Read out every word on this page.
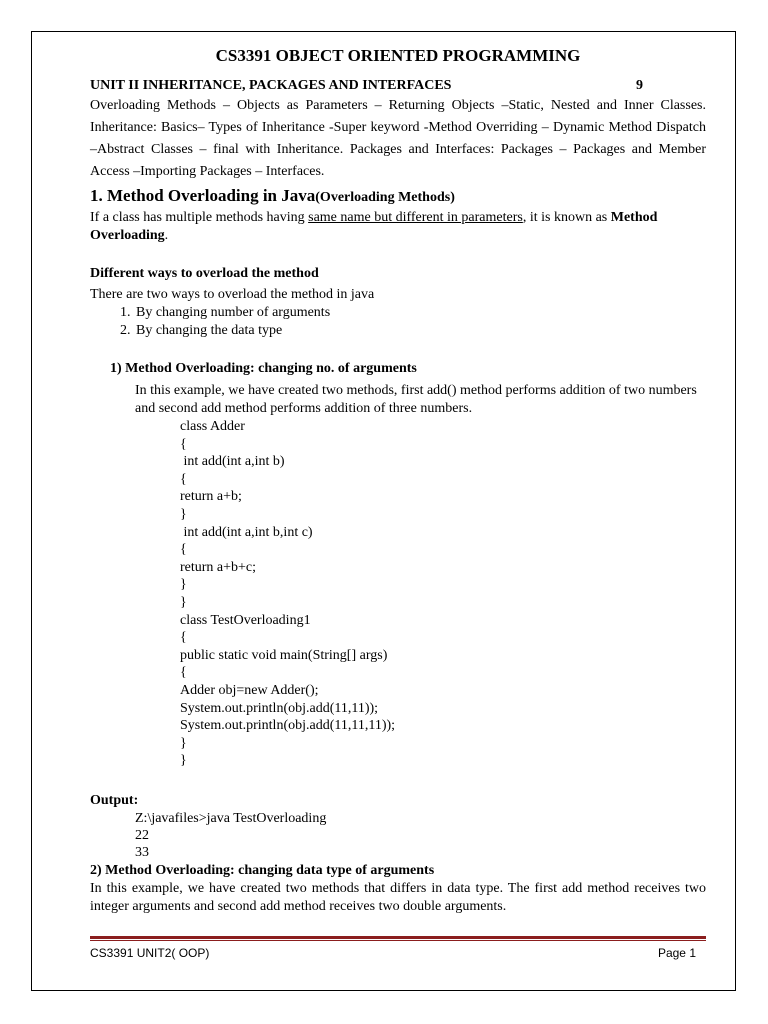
CS3391 OBJECT ORIENTED PROGRAMMING
UNIT II INHERITANCE, PACKAGES AND INTERFACES	9

Overloading Methods – Objects as Parameters – Returning Objects –Static, Nested and Inner Classes. Inheritance: Basics– Types of Inheritance -Super keyword -Method Overriding – Dynamic Method Dispatch –Abstract Classes – final with Inheritance. Packages and Interfaces: Packages – Packages and Member Access –Importing Packages – Interfaces.

1. Method Overloading in Java(Overloading Methods)

If a class has multiple methods having same name but different in parameters, it is known as Method Overloading.

Different ways to overload the method

There are two ways to overload the method in java

1. By changing number of arguments
2. By changing the data type

1) Method Overloading: changing no. of arguments

In this example, we have created two methods, first add() method performs addition of two numbers and second add method performs addition of three numbers.

class Adder
{
int add(int a,int b)
{
return a+b;
}
int add(int a,int b,int c)
{
return a+b+c;
}
}
class TestOverloading1
{
public static void main(String[] args)
{
Adder obj=new Adder();
System.out.println(obj.add(11,11));
System.out.println(obj.add(11,11,11));
}
}

Output:

Z:\javafiles>java TestOverloading
22
33

2) Method Overloading: changing data type of arguments

In this example, we have created two methods that differs in data type. The first add method receives two integer arguments and second add method receives two double arguments.

CS3391 UNIT2( OOP)	Page 1
